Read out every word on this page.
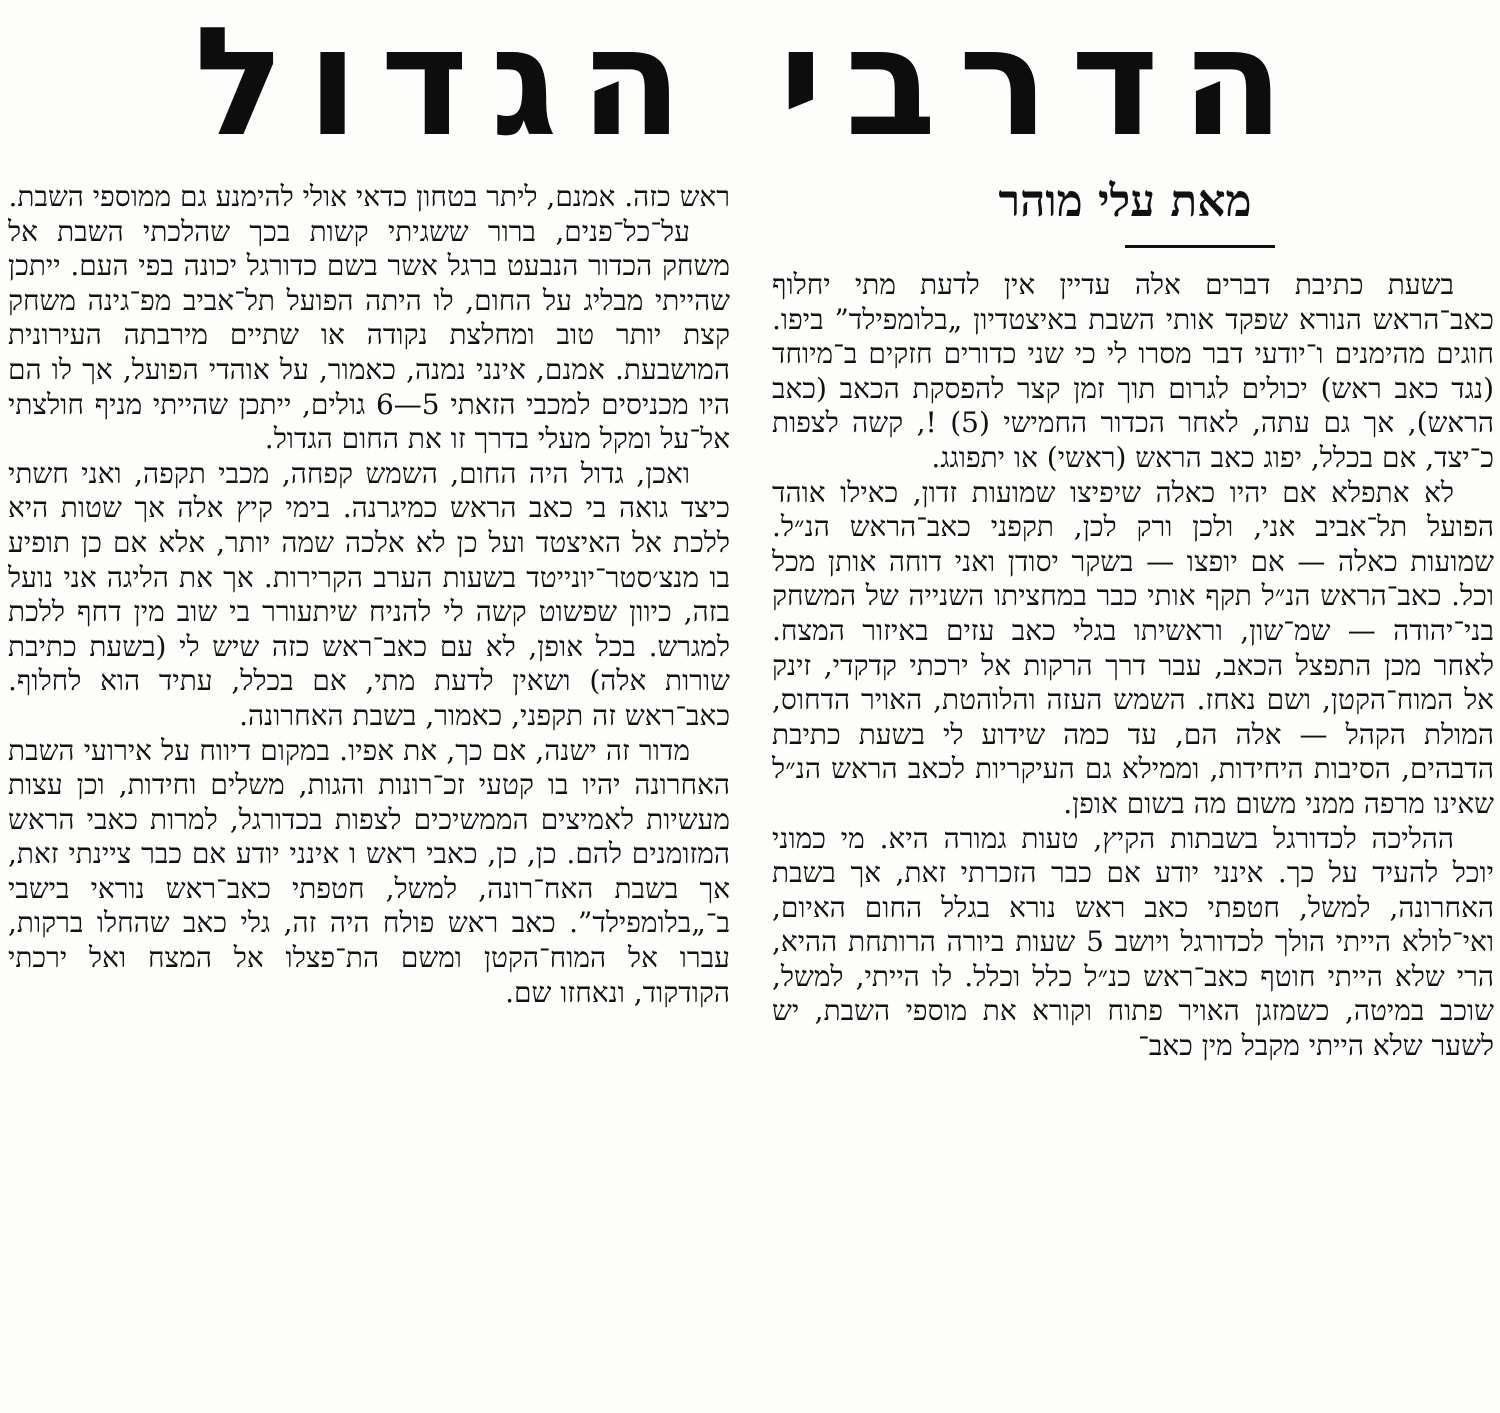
הדרבי הגדול
מאת עלי מוהר

בשעת כתיבת דברים אלה עדיין אין לדעת מתי יחלוף כאב־הראש הנורא שפקד אותי השבת באיצטדיון „בלומפילד” ביפו. חוגים מהימנים ו־יודעי דבר מסרו לי כי שני כדורים חזקים ב־מיוחד (נגד כאב ראש) יכולים לגרום תוך זמן קצר להפסקת הכאב (כאב הראש), אך גם עתה, לאחר הכדור החמישי (5) !, קשה לצפות כ־יצד, אם בכלל, יפוג כאב הראש (ראשי) או יתפוגג.

לא אתפלא אם יהיו כאלה שיפיצו שמועות זדון, כאילו אוהד הפועל תל־אביב אני, ולכן ורק לכן, תקפני כאב־הראש הנ״ל. שמועות כאלה — אם יופצו — בשקר יסודן ואני דוחה אותן מכל וכל. כאב־הראש הנ״ל תקף אותי כבר במחציתו השנייה של המשחק בני־יהודה — שמ־שון, וראשיתו בגלי כאב עזים באיזור המצח. לאחר מכן התפצל הכאב, עבר דרך הרקות אל ירכתי קדקדי, זינק אל המוח־הקטן, ושם נאחז. השמש העזה והלוהטת, האויר הדחוס, המולת הקהל — אלה הם, עד כמה שידוע לי בשעת כתיבת הדבהים, הסיבות היחידות, וממילא גם העיקריות לכאב הראש הנ״ל שאינו מרפה ממני משום מה בשום אופן.

ההליכה לכדורגל בשבתות הקיץ, טעות גמורה היא. מי כמוני יוכל להעיד על כך. אינני יודע אם כבר הזכרתי זאת, אך בשבת האחרונה, למשל, חטפתי כאב ראש נורא בגלל החום האיום, ואי־לולא הייתי הולך לכדורגל ויושב 5 שעות ביורה הרותחת ההיא, הרי שלא הייתי חוטף כאב־ראש כנ״ל כלל וכלל. לו הייתי, למשל, שוכב במיטה, כשמזגן האויר פתוח וקורא את מוספי השבת, יש לשער שלא הייתי מקבל מין כאב־

ראש כזה. אמנם, ליתר בטחון כדאי אולי להימנע גם ממוספי השבת.

על־כל־פנים, ברור ששגיתי קשות בכך שהלכתי השבת אל משחק הכדור הנבעט ברגל אשר בשם כדורגל יכונה בפי העם. ייתכן שהייתי מבליג על החום, לו היתה הפועל תל־אביב מפ־גינה משחק קצת יותר טוב ומחלצת נקודה או שתיים מירבתה העירונית המושבעת. אמנם, אינני נמנה, כאמור, על אוהדי הפועל, אך לו הם היו מכניסים למכבי הזאתי 5—6 גולים, ייתכן שהייתי מניף חולצתי אל־על ומקל מעלי בדרך זו את החום הגדול.

ואכן, גדול היה החום, השמש קפחה, מכבי תקפה, ואני חשתי כיצד גואה בי כאב הראש כמיגרנה. בימי קיץ אלה אך שטות היא ללכת אל האיצטד ועל כן לא אלכה שמה יותר, אלא אם כן תופיע בו מנצ׳סטר־יונייטד בשעות הערב הקרירות. אך את הליגה אני נועל בזה, כיוון שפשוט קשה לי להניח שיתעורר בי שוב מין דחף ללכת למגרש. בכל אופן, לא עם כאב־ראש כזה שיש לי (בשעת כתיבת שורות אלה) ושאין לדעת מתי, אם בכלל, עתיד הוא לחלוף. כאב־ראש זה תקפני, כאמור, בשבת האחרונה.

מדור זה ישנה, אם כך, את אפיו. במקום דיווח על אירועי השבת האחרונה יהיו בו קטעי זכ־רונות והגות, משלים וחידות, וכן עצות מעשיות לאמיצים הממשיכים לצפות בכדורגל, למרות כאבי הראש המזומנים להם. כן, כן, כאבי ראש ו אינני יודע אם כבר ציינתי זאת, אך בשבת האח־רונה, למשל, חטפתי כאב־ראש נוראי בישבי ב־„בלומפילד”. כאב ראש פולח היה זה, גלי כאב שהחלו ברקות, עברו אל המוח־הקטן ומשם הת־פצלו אל המצח ואל ירכתי הקודקוד, ונאחזו שם.
